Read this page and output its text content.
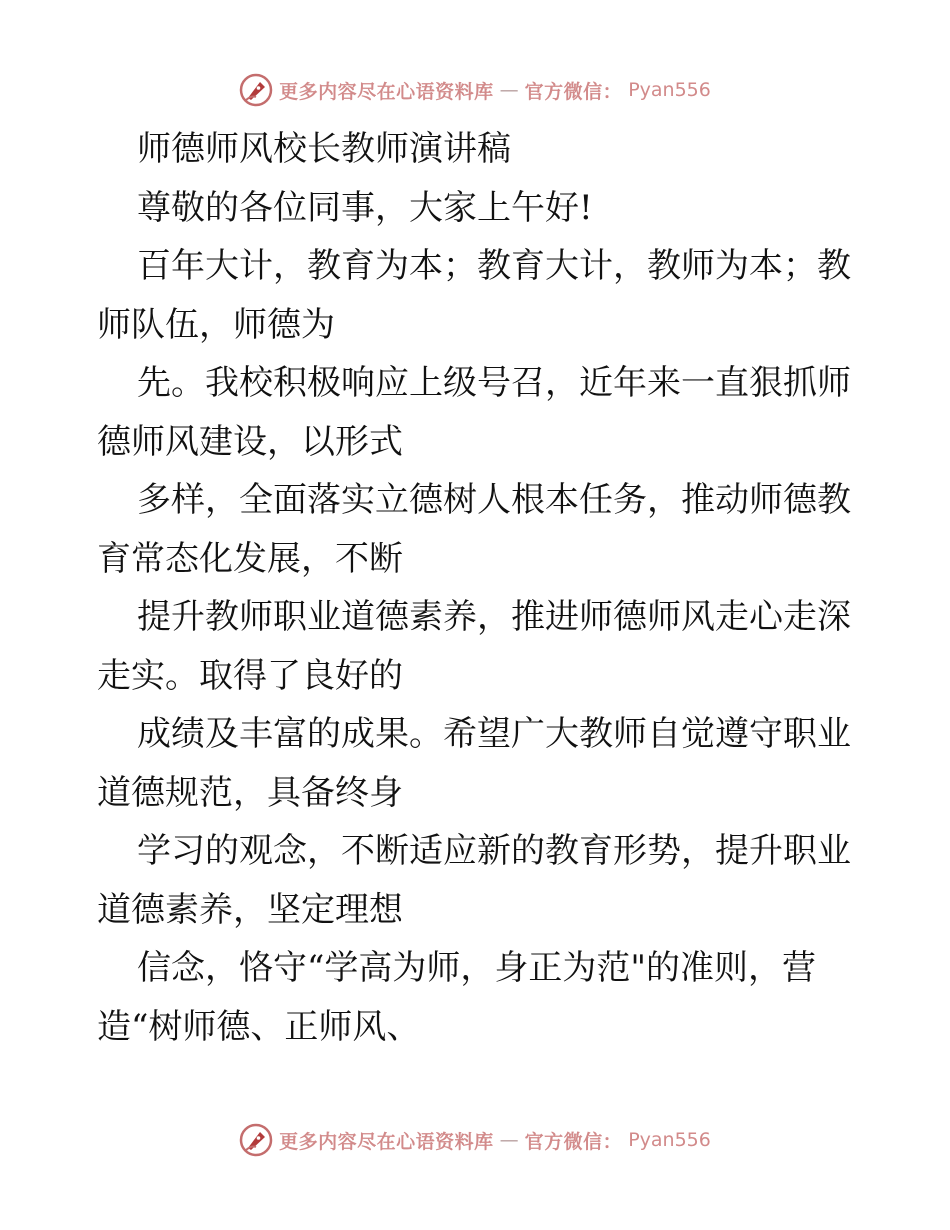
更多内容尽在心语资料库 — 官方微信： Pyan556
师德师风校长教师演讲稿
尊敬的各位同事，大家上午好!
百年大计，教育为本；教育大计，教师为本；教
师队伍，师德为
先。我校积极响应上级号召，近年来一直狠抓师
德师风建设，以形式
多样，全面落实立德树人根本任务，推动师德教
育常态化发展，不断
提升教师职业道德素养，推进师德师风走心走深
走实。取得了良好的
成绩及丰富的成果。希望广大教师自觉遵守职业
道德规范，具备终身
学习的观念，不断适应新的教育形势，提升职业
道德素养，坚定理想
信念，恪守“学高为师，身正为范"的准则，营
造“树师德、正师风、
更多内容尽在心语资料库 — 官方微信： Pyan556
